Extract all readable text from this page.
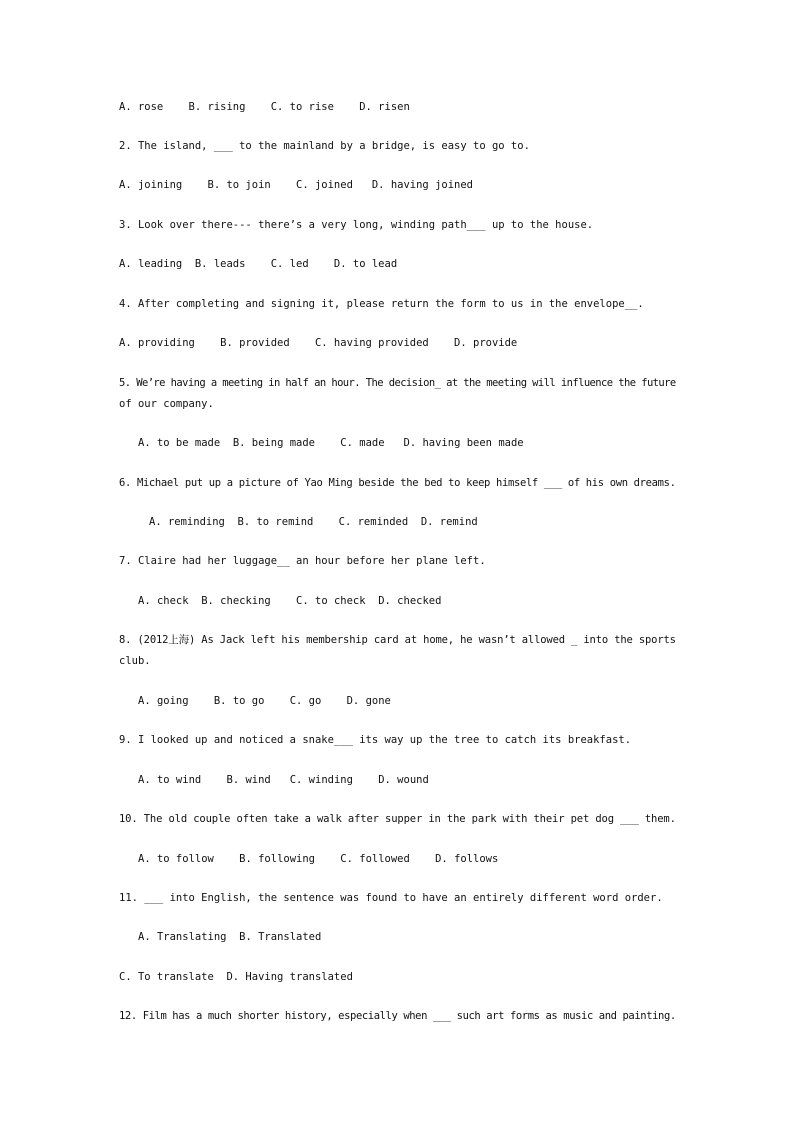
A. rose    B. rising    C. to rise    D. risen
2. The island, ___ to the mainland by a bridge, is easy to go to.
A. joining    B. to join    C. joined   D. having joined
3. Look over there--- there’s a very long, winding path___ up to the house.
A. leading  B. leads    C. led    D. to lead
4. After completing and signing it, please return the form to us in the envelope__.
A. providing    B. provided    C. having provided    D. provide
5. We’re having a meeting in half an hour. The decision_ at the meeting will influence the future
of our company.
A. to be made  B. being made    C. made   D. having been made
6. Michael put up a picture of Yao Ming beside the bed to keep himself ___ of his own dreams.
A. reminding  B. to remind    C. reminded  D. remind
7. Claire had her luggage__ an hour before her plane left.
A. check  B. checking    C. to check  D. checked
8. (2012上海) As Jack left his membership card at home, he wasn’t allowed _ into the sports
club.
A. going    B. to go    C. go    D. gone
9. I looked up and noticed a snake___ its way up the tree to catch its breakfast.
A. to wind    B. wind   C. winding    D. wound
10. The old couple often take a walk after supper in the park with their pet dog ___ them.
A. to follow    B. following    C. followed    D. follows
11. ___ into English, the sentence was found to have an entirely different word order.
A. Translating  B. Translated
C. To translate  D. Having translated
12. Film has a much shorter history, especially when ___ such art forms as music and painting.
